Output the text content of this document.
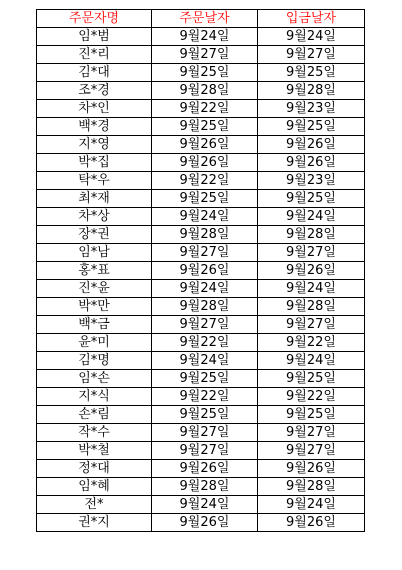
주문자명	주문날자	입금날자
임*범	9월24일	9월24일
진*리	9월27일	9월27일
김*대	9월25일	9월25일
조*경	9월28일	9월28일
차*인	9월22일	9월23일
백*경	9월25일	9월25일
지*영	9월26일	9월26일
박*집	9월26일	9월26일
탁*우	9월22일	9월23일
최*재	9월25일	9월25일
차*상	9월24일	9월24일
장*권	9월28일	9월28일
임*남	9월27일	9월27일
홍*표	9월26일	9월26일
진*윤	9월24일	9월24일
박*만	9월28일	9월28일
백*금	9월27일	9월27일
윤*미	9월22일	9월22일
김*명	9월24일	9월24일
임*손	9월25일	9월25일
지*식	9월22일	9월22일
손*림	9월25일	9월25일
작*수	9월27일	9월27일
박*철	9월27일	9월27일
정*대	9월26일	9월26일
임*혜	9월28일	9월28일
전*	9월24일	9월24일
권*지	9월26일	9월26일
